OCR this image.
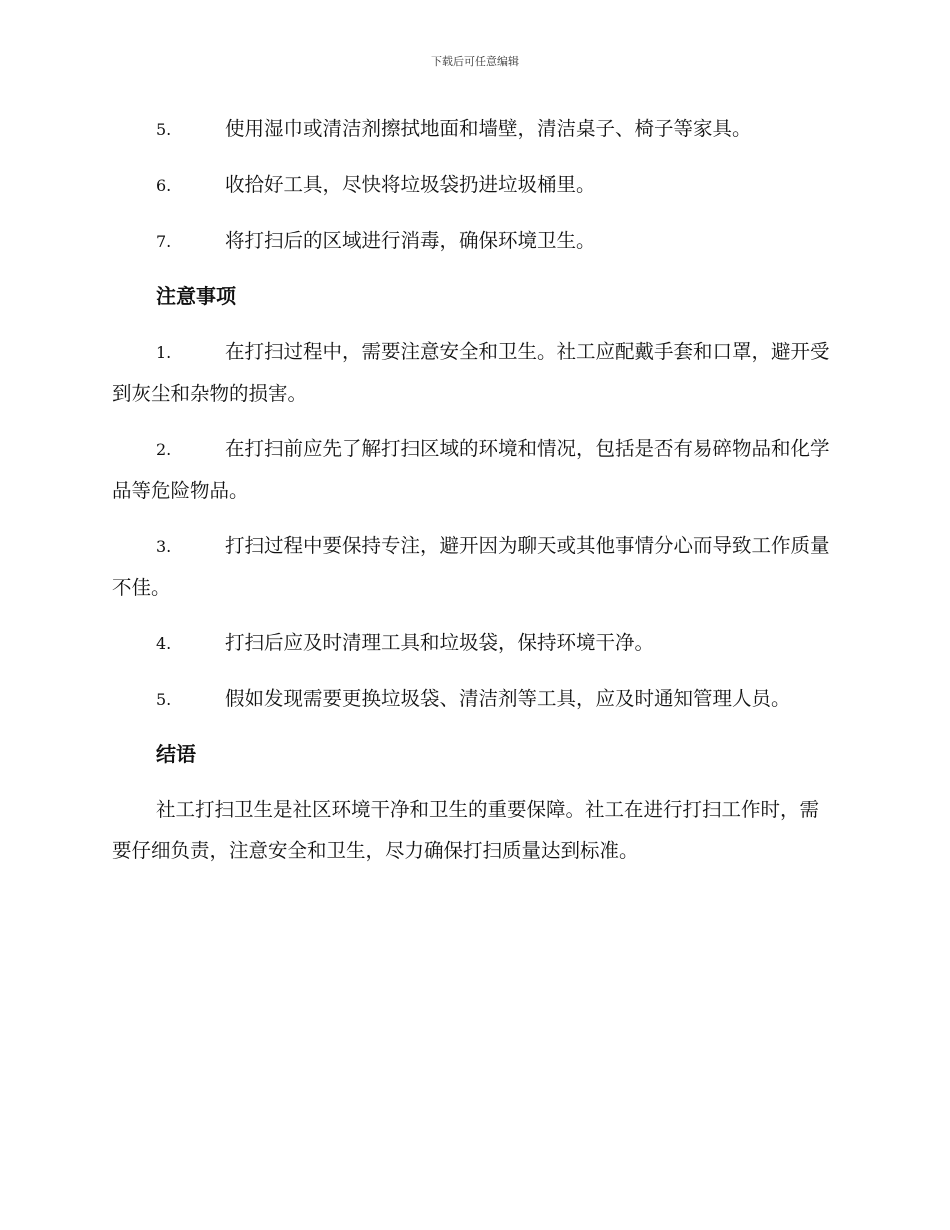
下载后可任意编辑
5.	使用湿巾或清洁剂擦拭地面和墙壁，清洁桌子、椅子等家具。
6.	收拾好工具，尽快将垃圾袋扔进垃圾桶里。
7.	将打扫后的区域进行消毒，确保环境卫生。
注意事项
1.	在打扫过程中，需要注意安全和卫生。社工应配戴手套和口罩，避开受到灰尘和杂物的损害。
2.	在打扫前应先了解打扫区域的环境和情况，包括是否有易碎物品和化学品等危险物品。
3.	打扫过程中要保持专注，避开因为聊天或其他事情分心而导致工作质量不佳。
4.	打扫后应及时清理工具和垃圾袋，保持环境干净。
5.	假如发现需要更换垃圾袋、清洁剂等工具，应及时通知管理人员。
结语

社工打扫卫生是社区环境干净和卫生的重要保障。社工在进行打扫工作时，需要仔细负责，注意安全和卫生，尽力确保打扫质量达到标准。
